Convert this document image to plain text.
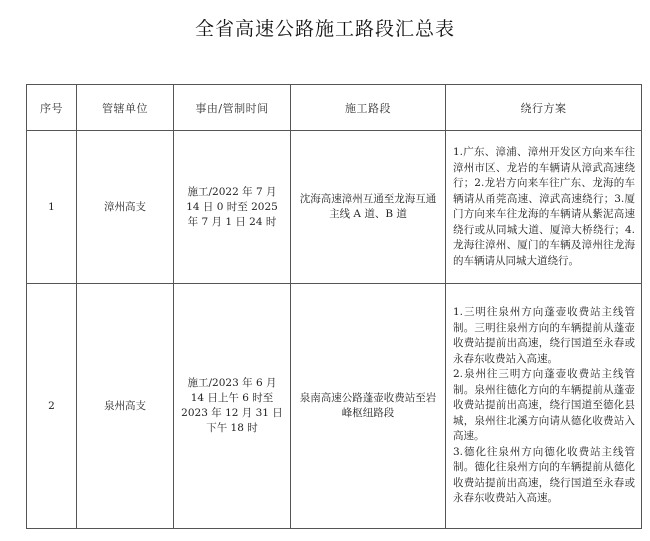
全省高速公路施工路段汇总表
序号	管辖单位	事由/管制时间	施工路段	绕行方案
1	漳州高支	施工/2022 年 7 月 14 日 0 时至 2025 年 7 月 1 日 24 时	沈海高速漳州互通至龙海互通主线 A 道、B 道	1.广东、漳浦、漳州开发区方向来车往漳州市区、龙岩的车辆请从漳武高速绕行；2.龙岩方向来车往广东、龙海的车辆请从甬莞高速、漳武高速绕行；3.厦门方向来车往龙海的车辆请从紫泥高速绕行或从同城大道、厦漳大桥绕行；4.龙海往漳州、厦门的车辆及漳州往龙海的车辆请从同城大道绕行。

2	泉州高支	施工/2023 年 6 月 14 日上午 6 时至 2023 年 12 月 31 日下午 18 时	泉南高速公路蓬壶收费站至岩峰枢纽路段	1.三明往泉州方向蓬壶收费站主线管制。三明往泉州方向的车辆提前从蓬壶收费站提前出高速，绕行国道至永春或永春东收费站入高速。

2.泉州往三明方向蓬壶收费站主线管制。泉州往德化方向的车辆提前从蓬壶收费站提前出高速，绕行国道至德化县城，泉州往北溪方向请从德化收费站入高速。

3.德化往泉州方向德化收费站主线管制。德化往泉州方向的车辆提前从德化收费站提前出高速，绕行国道至永春或永春东收费站入高速。
